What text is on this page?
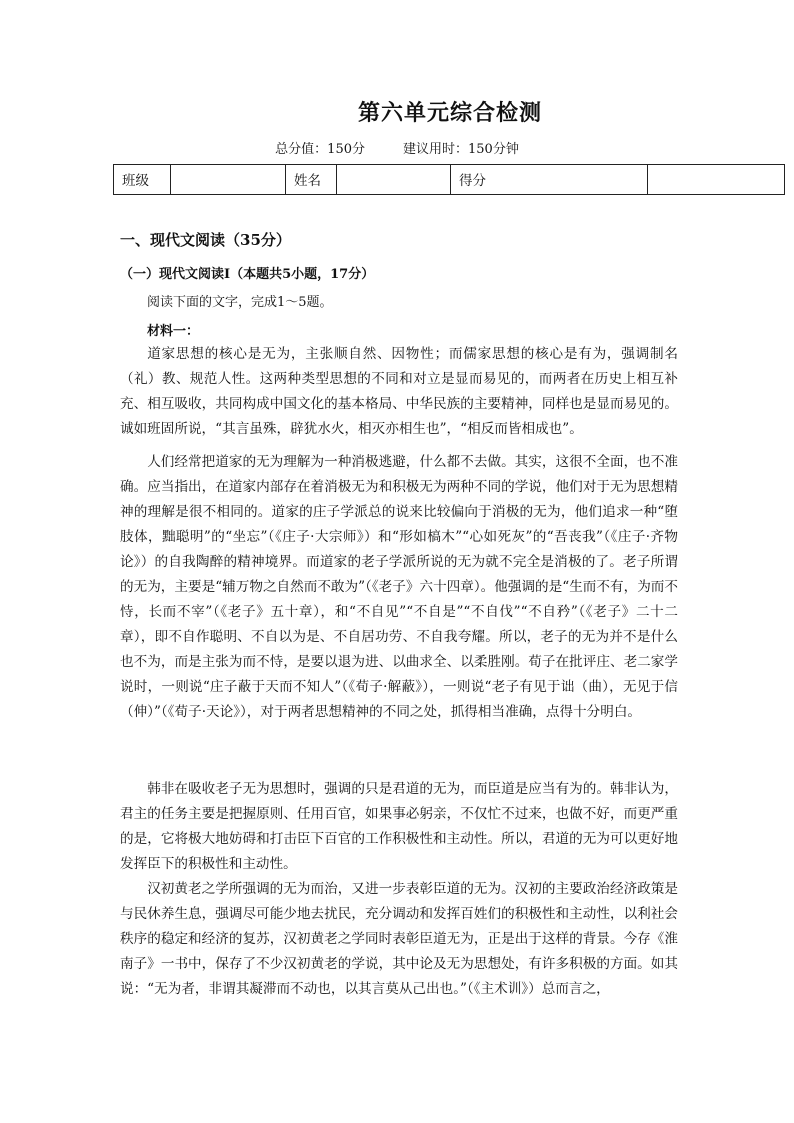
第六单元综合检测
总分值：150分	建议用时：150分钟
班级		姓名		得分	
一、现代文阅读（35分）
（一）现代文阅读Ⅰ（本题共5小题，17分）
阅读下面的文字，完成1～5题。
材料一：
道家思想的核心是无为，主张顺自然、因物性；而儒家思想的核心是有为，强调制名（礼）教、规范人性。这两种类型思想的不同和对立是显而易见的，而两者在历史上相互补充、相互吸收，共同构成中国文化的基本格局、中华民族的主要精神，同样也是显而易见的。诚如班固所说，“其言虽殊，辟犹水火，相灭亦相生也”，“相反而皆相成也”。
人们经常把道家的无为理解为一种消极逃避，什么都不去做。其实，这很不全面，也不准确。应当指出，在道家内部存在着消极无为和积极无为两种不同的学说，他们对于无为思想精神的理解是很不相同的。道家的庄子学派总的说来比较偏向于消极的无为，他们追求一种“堕肢体，黜聪明”的“坐忘”（《庄子·大宗师》）和“形如槁木”“心如死灰”的“吾丧我”（《庄子·齐物论》）的自我陶醉的精神境界。而道家的老子学派所说的无为就不完全是消极的了。老子所谓的无为，主要是“辅万物之自然而不敢为”（《老子》六十四章）。他强调的是“生而不有，为而不恃，长而不宰”（《老子》五十章），和“不自见”“不自是”“不自伐”“不自矜”（《老子》二十二章），即不自作聪明、不自以为是、不自居功劳、不自我夸耀。所以，老子的无为并不是什么也不为，而是主张为而不恃，是要以退为进、以曲求全、以柔胜刚。荀子在批评庄、老二家学说时，一则说“庄子蔽于天而不知人”（《荀子·解蔽》），一则说“老子有见于诎（曲），无见于信（伸）”（《荀子·天论》），对于两者思想精神的不同之处，抓得相当准确，点得十分明白。
韩非在吸收老子无为思想时，强调的只是君道的无为，而臣道是应当有为的。韩非认为，君主的任务主要是把握原则、任用百官，如果事必躬亲，不仅忙不过来，也做不好，而更严重的是，它将极大地妨碍和打击臣下百官的工作积极性和主动性。所以，君道的无为可以更好地发挥臣下的积极性和主动性。
汉初黄老之学所强调的无为而治，又进一步表彰臣道的无为。汉初的主要政治经济政策是与民休养生息，强调尽可能少地去扰民，充分调动和发挥百姓们的积极性和主动性，以利社会秩序的稳定和经济的复苏，汉初黄老之学同时表彰臣道无为，正是出于这样的背景。今存《淮南子》一书中，保存了不少汉初黄老的学说，其中论及无为思想处，有许多积极的方面。如其说：“无为者，非谓其凝滞而不动也，以其言莫从己出也。”（《主术训》）总而言之，
